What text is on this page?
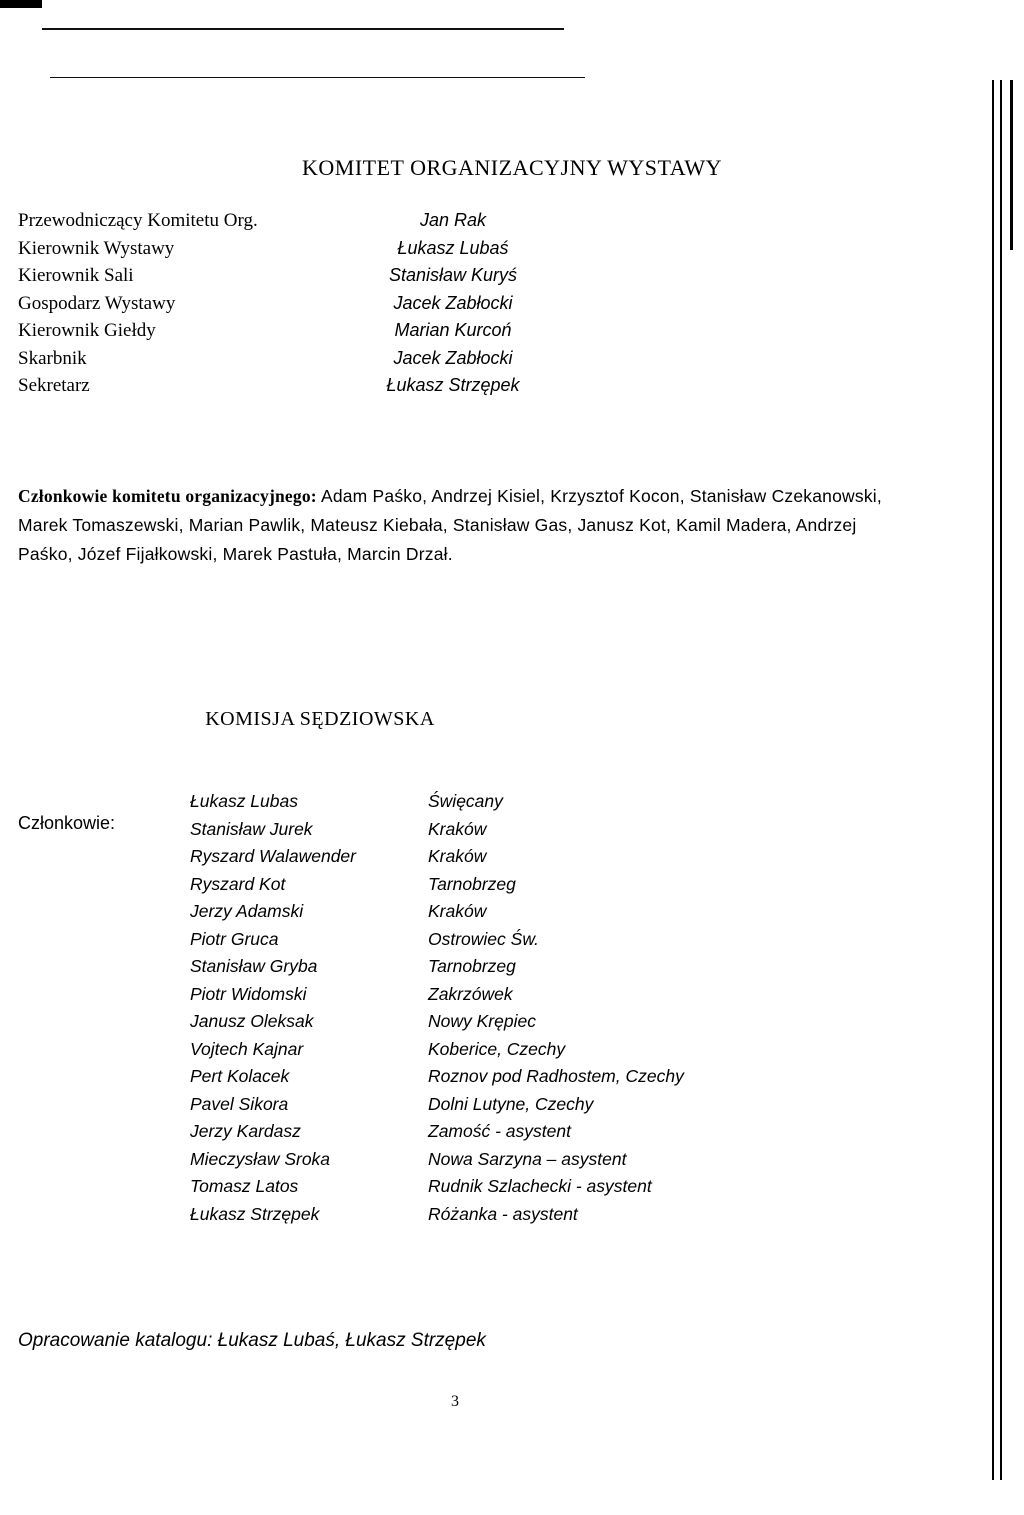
KOMITET ORGANIZACYJNY WYSTAWY
Przewodniczący Komitetu Org.	Jan Rak
Kierownik Wystawy	Łukasz Lubaś
Kierownik Sali	Stanisław Kuryś
Gospodarz Wystawy	Jacek Zabłocki
Kierownik Giełdy	Marian Kurcoń
Skarbnik	Jacek Zabłocki
Sekretarz	Łukasz Strzępek
Członkowie komitetu organizacyjnego: Adam Paśko, Andrzej Kisiel, Krzysztof Kocon, Stanisław Czekanowski, Marek Tomaszewski, Marian Pawlik, Mateusz Kiebała, Stanisław Gas, Janusz Kot, Kamil Madera, Andrzej Paśko, Józef Fijałkowski, Marek Pastuła, Marcin Drzał.
KOMISJA SĘDZIOWSKA
Członkowie:
Łukasz Lubas	Święcany
Stanisław Jurek	Kraków
Ryszard Walawender	Kraków
Ryszard Kot	Tarnobrzeg
Jerzy Adamski	Kraków
Piotr Gruca	Ostrowiec Św.
Stanisław Gryba	Tarnobrzeg
Piotr Widomski	Zakrzówek
Janusz Oleksak	Nowy Krępiec
Vojtech Kajnar	Koberice, Czechy
Pert Kolacek	Roznov pod Radhostem, Czechy
Pavel Sikora	Dolni Lutyne, Czechy
Jerzy Kardasz	Zamość - asystent
Mieczysław Sroka	Nowa Sarzyna – asystent
Tomasz Latos	Rudnik Szlachecki - asystent
Łukasz Strzępek	Różanka - asystent
Opracowanie katalogu: Łukasz Lubaś, Łukasz Strzępek
3
